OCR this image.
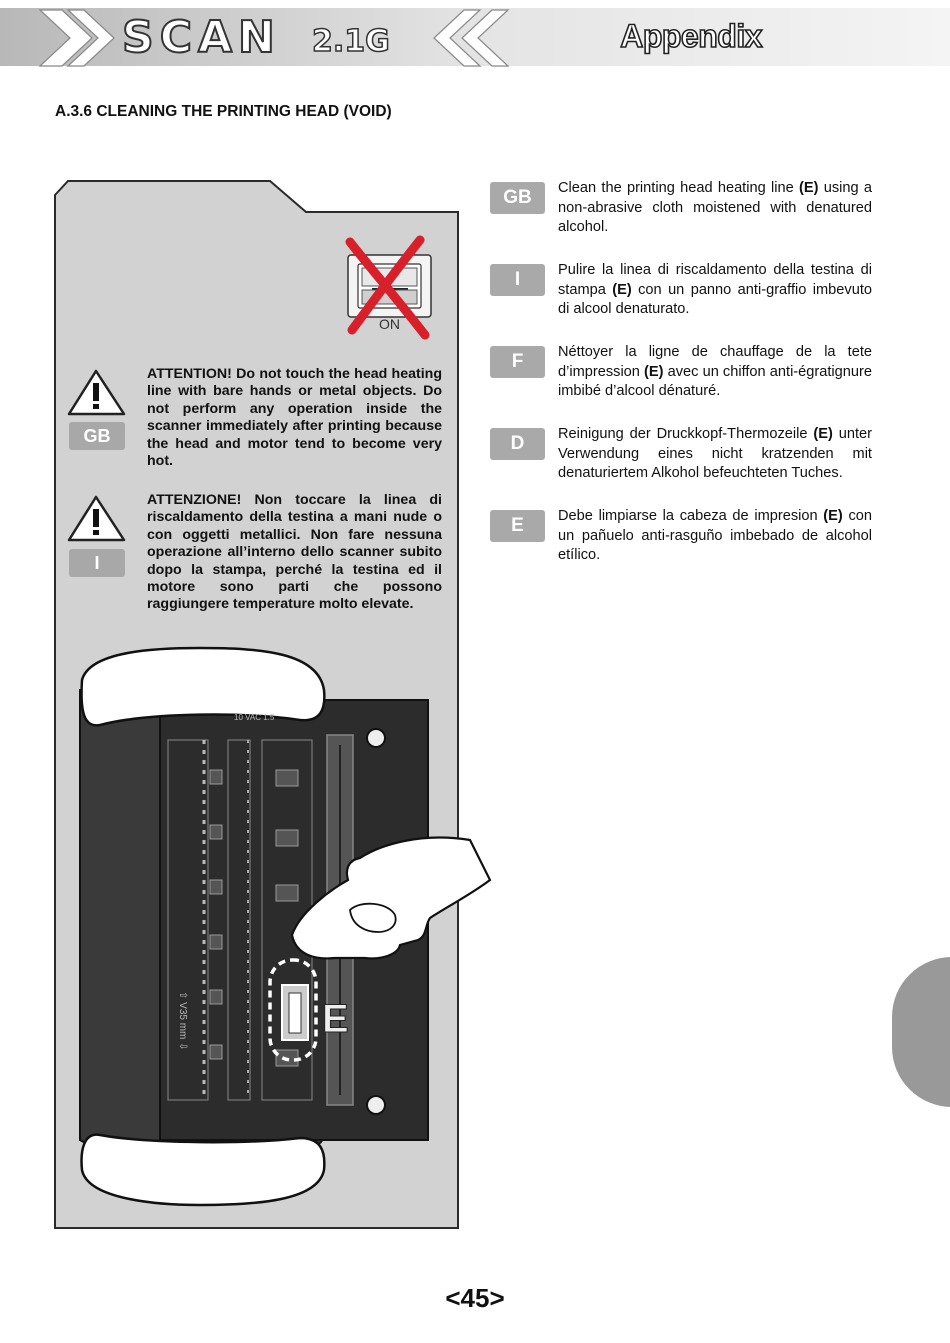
SCAN 2.1G	Appendix
A.3.6 CLEANING THE PRINTING HEAD (VOID)
ON
⇧ V35 mm ⇩
10 VAC 1.5
E
GB
ATTENTION! Do not touch the head heating line with bare hands or metal objects. Do not perform any operation inside the scanner immediately after printing because the head and motor tend to become very hot.
I
ATTENZIONE! Non toccare la linea di riscaldamento della testina a mani nude o con oggetti metallici. Non fare nessuna operazione all’interno dello scanner subito dopo la stampa, perché la testina ed il motore sono parti che possono raggiungere temperature molto elevate.
GB	Clean the printing head heating line (E) using a non-abrasive cloth moistened with denatured alcohol.
I	Pulire la linea di riscaldamento della testina di stampa (E) con un panno anti-graffio imbevuto di alcool denaturato.
F	Néttoyer la ligne de chauffage de la tete d’impression (E) avec un chiffon anti-égratignure imbibé d’alcool dénaturé.
D	Reinigung der Druckkopf-Thermozeile (E) unter Verwendung eines nicht kratzenden mit denaturiertem Alkohol befeuchteten Tuches.
E	Debe limpiarse la cabeza de impresion (E) con un pañuelo anti-rasguño imbebado de alcohol etílico.
<45>
